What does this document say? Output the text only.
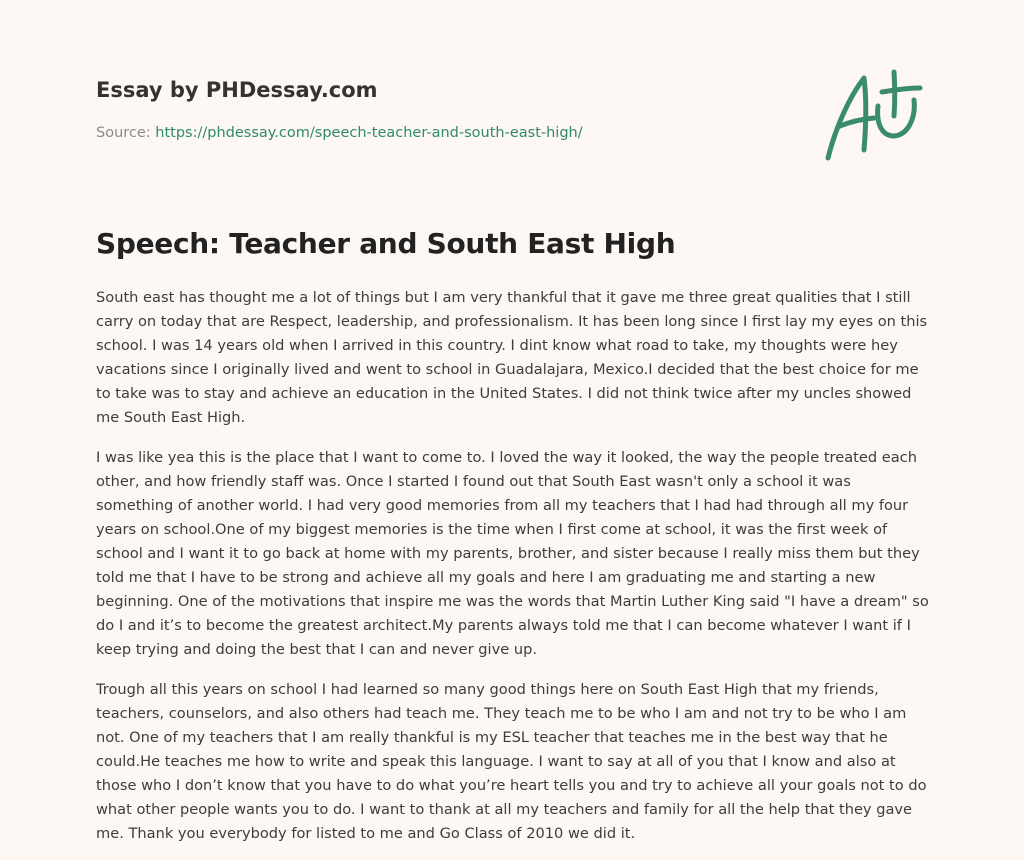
Essay by PHDessay.com

Source: https://phdessay.com/speech-teacher-and-south-east-high/

Speech: Teacher and South East High

South east has thought me a lot of things but I am very thankful that it gave me three great qualities that I still carry on today that are Respect, leadership, and professionalism. It has been long since I first lay my eyes on this school. I was 14 years old when I arrived in this country. I dint know what road to take, my thoughts were hey vacations since I originally lived and went to school in Guadalajara, Mexico.I decided that the best choice for me to take was to stay and achieve an education in the United States. I did not think twice after my uncles showed me South East High.

I was like yea this is the place that I want to come to. I loved the way it looked, the way the people treated each other, and how friendly staff was. Once I started I found out that South East wasn't only a school it was something of another world. I had very good memories from all my teachers that I had had through all my four years on school.One of my biggest memories is the time when I first come at school, it was the first week of school and I want it to go back at home with my parents, brother, and sister because I really miss them but they told me that I have to be strong and achieve all my goals and here I am graduating me and starting a new beginning. One of the motivations that inspire me was the words that Martin Luther King said "I have a dream" so do I and it’s to become the greatest architect.My parents always told me that I can become whatever I want if I keep trying and doing the best that I can and never give up.

Trough all this years on school I had learned so many good things here on South East High that my friends, teachers, counselors, and also others had teach me. They teach me to be who I am and not try to be who I am not. One of my teachers that I am really thankful is my ESL teacher that teaches me in the best way that he could.He teaches me how to write and speak this language. I want to say at all of you that I know and also at those who I don’t know that you have to do what you’re heart tells you and try to achieve all your goals not to do what other people wants you to do. I want to thank at all my teachers and family for all the help that they gave me. Thank you everybody for listed to me and Go Class of 2010 we did it.
